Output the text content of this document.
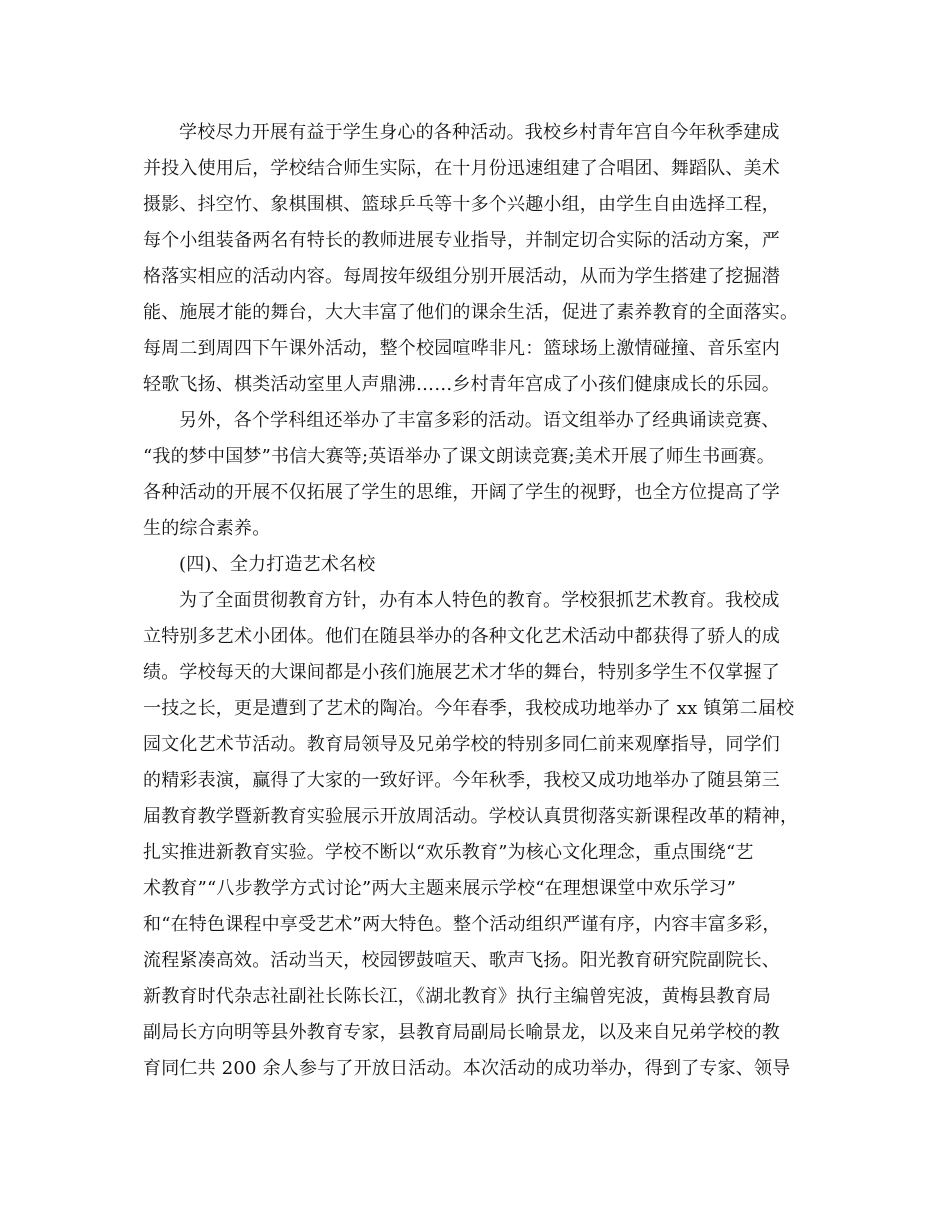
学校尽力开展有益于学生身心的各种活动。我校乡村青年宫自今年秋季建成
并投入使用后，学校结合师生实际，在十月份迅速组建了合唱团、舞蹈队、美术
摄影、抖空竹、象棋围棋、篮球乒乓等十多个兴趣小组，由学生自由选择工程，
每个小组装备两名有特长的教师进展专业指导，并制定切合实际的活动方案，严
格落实相应的活动内容。每周按年级组分别开展活动，从而为学生搭建了挖掘潜
能、施展才能的舞台，大大丰富了他们的课余生活，促进了素养教育的全面落实。
每周二到周四下午课外活动，整个校园喧哗非凡：篮球场上激情碰撞、音乐室内
轻歌飞扬、棋类活动室里人声鼎沸……乡村青年宫成了小孩们健康成长的乐园。
另外，各个学科组还举办了丰富多彩的活动。语文组举办了经典诵读竞赛、
“我的梦中国梦”书信大赛等;英语举办了课文朗读竞赛;美术开展了师生书画赛。
各种活动的开展不仅拓展了学生的思维，开阔了学生的视野，也全方位提高了学
生的综合素养。
(四)、全力打造艺术名校
为了全面贯彻教育方针，办有本人特色的教育。学校狠抓艺术教育。我校成
立特别多艺术小团体。他们在随县举办的各种文化艺术活动中都获得了骄人的成
绩。学校每天的大课间都是小孩们施展艺术才华的舞台，特别多学生不仅掌握了
一技之长，更是遭到了艺术的陶冶。今年春季，我校成功地举办了 xx 镇第二届校
园文化艺术节活动。教育局领导及兄弟学校的特别多同仁前来观摩指导，同学们
的精彩表演，赢得了大家的一致好评。今年秋季，我校又成功地举办了随县第三
届教育教学暨新教育实验展示开放周活动。学校认真贯彻落实新课程改革的精神，
扎实推进新教育实验。学校不断以“欢乐教育”为核心文化理念，重点围绕“艺
术教育”“八步教学方式讨论”两大主题来展示学校“在理想课堂中欢乐学习”
和“在特色课程中享受艺术”两大特色。整个活动组织严谨有序，内容丰富多彩，
流程紧凑高效。活动当天，校园锣鼓喧天、歌声飞扬。阳光教育研究院副院长、
新教育时代杂志社副社长陈长江，《湖北教育》执行主编曾宪波，黄梅县教育局
副局长方向明等县外教育专家，县教育局副局长喻景龙，以及来自兄弟学校的教
育同仁共 200 余人参与了开放日活动。本次活动的成功举办，得到了专家、领导
